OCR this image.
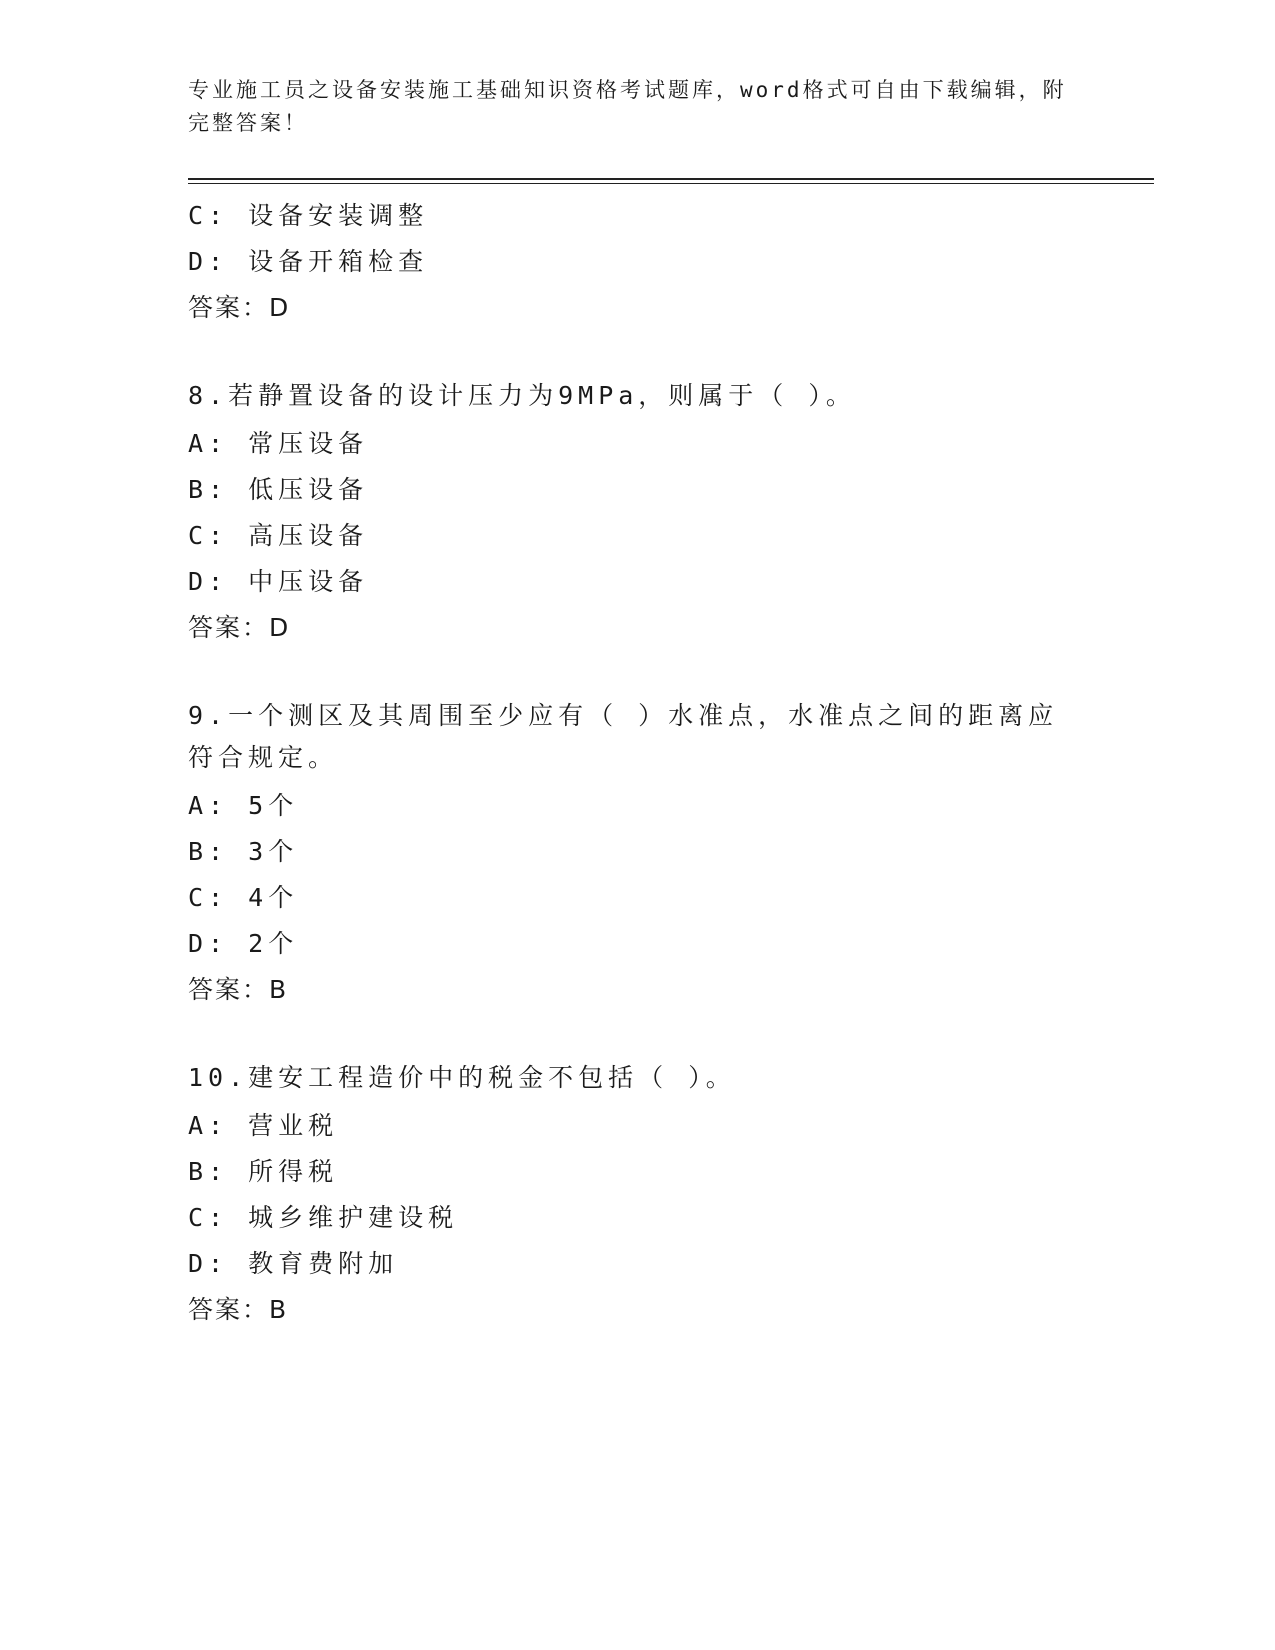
专业施工员之设备安装施工基础知识资格考试题库，word格式可自由下载编辑，附完整答案！
C: 设备安装调整
D: 设备开箱检查
答案：D
8.若静置设备的设计压力为9MPa，则属于（ ）。
A: 常压设备
B: 低压设备
C: 高压设备
D: 中压设备
答案：D
9.一个测区及其周围至少应有（ ）水准点，水准点之间的距离应符合规定。
A: 5个
B: 3个
C: 4个
D: 2个
答案：B
10.建安工程造价中的税金不包括（ ）。
A: 营业税
B: 所得税
C: 城乡维护建设税
D: 教育费附加
答案：B
